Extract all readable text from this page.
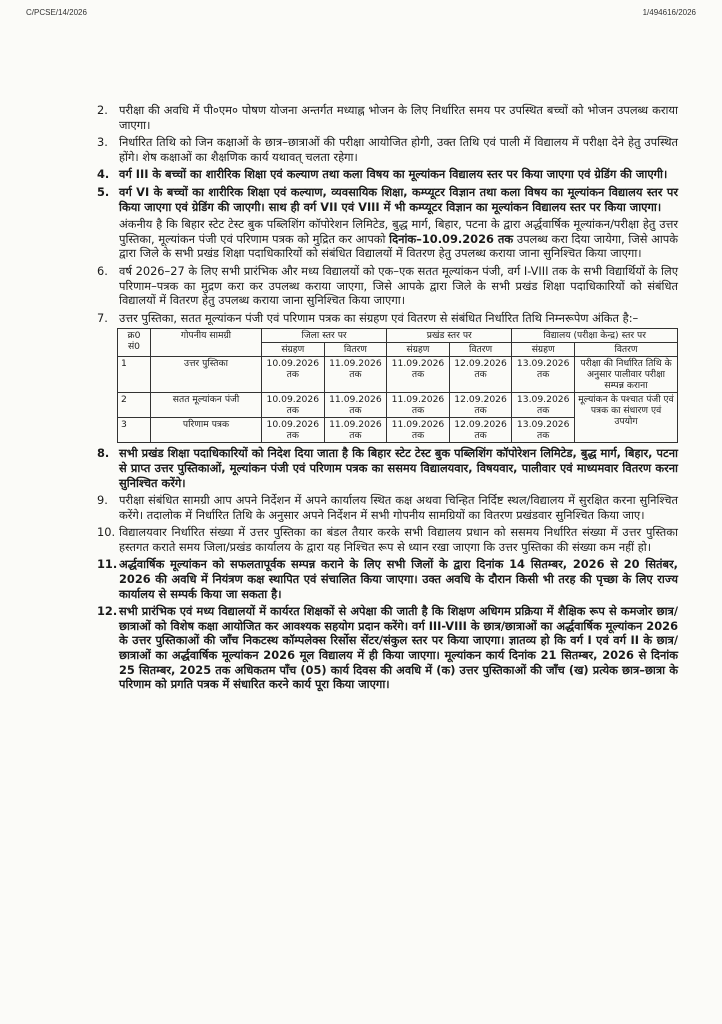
C/PCSE/14/2026	1/494616/2026
2. परीक्षा की अवधि में पी०एम० पोषण योजना अन्तर्गत मध्याह्न भोजन के लिए निर्धारित समय पर उपस्थित बच्चों को भोजन उपलब्ध कराया जाएगा।
3. निर्धारित तिथि को जिन कक्षाओं के छात्र–छात्राओं की परीक्षा आयोजित होगी, उक्त तिथि एवं पाली में विद्यालय में परीक्षा देने हेतु उपस्थित होंगे। शेष कक्षाओं का शैक्षणिक कार्य यथावत् चलता रहेगा।
4. वर्ग III के बच्चों का शारीरिक शिक्षा एवं कल्याण तथा कला विषय का मूल्यांकन विद्यालय स्तर पर किया जाएगा एवं ग्रेडिंग की जाएगी।
5. वर्ग VI के बच्चों का शारीरिक शिक्षा एवं कल्याण, व्यवसायिक शिक्षा, कम्प्यूटर विज्ञान तथा कला विषय का मूल्यांकन विद्यालय स्तर पर किया जाएगा एवं ग्रेडिंग की जाएगी। साथ ही वर्ग VII एवं VIII में भी कम्प्यूटर विज्ञान का मूल्यांकन विद्यालय स्तर पर किया जाएगा।
अंकनीय है कि बिहार स्टेट टेस्ट बुक पब्लिशिंग कॉपोरेशन लिमिटेड, बुद्ध मार्ग, बिहार, पटना के द्वारा अर्द्धवार्षिक मूल्यांकन/परीक्षा हेतु उत्तर पुस्तिका, मूल्यांकन पंजी एवं परिणाम पत्रक को मुद्रित कर आपको दिनांक–10.09.2026 तक उपलब्ध करा दिया जायेगा, जिसे आपके द्वारा जिले के सभी प्रखंड शिक्षा पदाधिकारियों को संबंधित विद्यालयों में वितरण हेतु उपलब्ध कराया जाना सुनिश्चित किया जाएगा।
6. वर्ष 2026–27 के लिए सभी प्रारंभिक और मध्य विद्यालयों को एक–एक सतत मूल्यांकन पंजी, वर्ग I-VIII तक के सभी विद्यार्थियों के लिए परिणाम–पत्रक का मुद्रण करा कर उपलब्ध कराया जाएगा, जिसे आपके द्वारा जिले के सभी प्रखंड शिक्षा पदाधिकारियों को संबंधित विद्यालयों में वितरण हेतु उपलब्ध कराया जाना सुनिश्चित किया जाएगा।
7. उत्तर पुस्तिका, सतत मूल्यांकन पंजी एवं परिणाम पत्रक का संग्रहण एवं वितरण से संबंधित निर्धारित तिथि निम्नरूपेण अंकित है:–
क्र0 सं0	गोपनीय सामग्री	जिला स्तर पर		प्रखंड स्तर पर		विद्यालय (परीक्षा केन्द्र) स्तर पर	
		संग्रहण	वितरण	संग्रहण	वितरण	संग्रहण	वितरण
1	उत्तर पुस्तिका	10.09.2026 तक	11.09.2026 तक	11.09.2026 तक	12.09.2026 तक	13.09.2026 तक	परीक्षा की निर्धारित तिथि के अनुसार पालीवार परीक्षा सम्पन्न कराना
2	सतत मूल्यांकन पंजी	10.09.2026 तक	11.09.2026 तक	11.09.2026 तक	12.09.2026 तक	13.09.2026 तक	मूल्यांकन के पश्चात पंजी एवं पत्रक का संधारण एवं उपयोग
3	परिणाम पत्रक	10.09.2026 तक	11.09.2026 तक	11.09.2026 तक	12.09.2026 तक	13.09.2026 तक	
8. सभी प्रखंड शिक्षा पदाधिकारियों को निदेश दिया जाता है कि बिहार स्टेट टेस्ट बुक पब्लिशिंग कॉपोरेशन लिमिटेड, बुद्ध मार्ग, बिहार, पटना से प्राप्त उत्तर पुस्तिकाओं, मूल्यांकन पंजी एवं परिणाम पत्रक का ससमय विद्यालयवार, विषयवार, पालीवार एवं माध्यमवार वितरण करना सुनिश्चित करेंगे।
9. परीक्षा संबंधित सामग्री आप अपने निर्देशन में अपने कार्यालय स्थित कक्ष अथवा चिन्हित निर्दिष्ट स्थल/विद्यालय में सुरक्षित करना सुनिश्चित करेंगे। तदालोक में निर्धारित तिथि के अनुसार अपने निर्देशन में सभी गोपनीय सामग्रियों का वितरण प्रखंडवार सुनिश्चित किया जाए।
10. विद्यालयवार निर्धारित संख्या में उत्तर पुस्तिका का बंडल तैयार करके सभी विद्यालय प्रधान को ससमय निर्धारित संख्या में उत्तर पुस्तिका हस्तगत कराते समय जिला/प्रखंड कार्यालय के द्वारा यह निश्चित रूप से ध्यान रखा जाएगा कि उत्तर पुस्तिका की संख्या कम नहीं हो।
11. अर्द्धवार्षिक मूल्यांकन को सफलतापूर्वक सम्पन्न कराने के लिए सभी जिलों के द्वारा दिनांक 14 सितम्बर, 2026 से 20 सितंबर, 2026 की अवधि में नियंत्रण कक्ष स्थापित एवं संचालित किया जाएगा। उक्त अवधि के दौरान किसी भी तरह की पृच्छा के लिए राज्य कार्यालय से सम्पर्क किया जा सकता है।
12. सभी प्रारंभिक एवं मध्य विद्यालयों में कार्यरत शिक्षकों से अपेक्षा की जाती है कि शिक्षण अधिगम प्रक्रिया में शैक्षिक रूप से कमजोर छात्र/छात्राओं को विशेष कक्षा आयोजित कर आवश्यक सहयोग प्रदान करेंगे। वर्ग III-VIII के छात्र/छात्राओं का अर्द्धवार्षिक मूल्यांकन 2026 के उत्तर पुस्तिकाओं की जाँच निकटस्थ कॉम्पलेक्स रिर्सोस सेंटर/संकुल स्तर पर किया जाएगा। ज्ञातव्य हो कि वर्ग I एवं वर्ग II के छात्र/छात्राओं का अर्द्धवार्षिक मूल्यांकन 2026 मूल विद्यालय में ही किया जाएगा। मूल्यांकन कार्य दिनांक 21 सितम्बर, 2026 से दिनांक 25 सितम्बर, 2025 तक अधिकतम पाँच (05) कार्य दिवस की अवधि में (क) उत्तर पुस्तिकाओं की जाँच (ख) प्रत्येक छात्र–छात्रा के परिणाम को प्रगति पत्रक में संधारित करने कार्य पूरा किया जाएगा।
